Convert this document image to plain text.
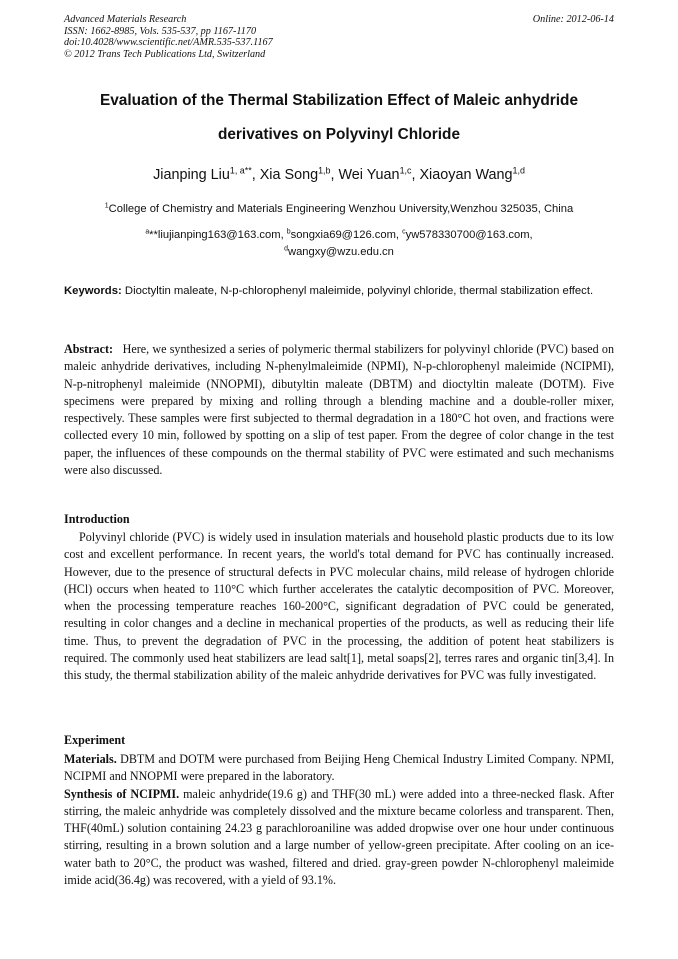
Advanced Materials Research
ISSN: 1662-8985, Vols. 535-537, pp 1167-1170
doi:10.4028/www.scientific.net/AMR.535-537.1167
© 2012 Trans Tech Publications Ltd, Switzerland
Online: 2012-06-14
Evaluation of the Thermal Stabilization Effect of Maleic anhydride
derivatives on Polyvinyl Chloride
Jianping Liu$^{1, a**}$, Xia Song$^{1,b}$, Wei Yuan$^{1,c}$, Xiaoyan Wang$^{1,d}$
$^1$College of Chemistry and Materials Engineering Wenzhou University,Wenzhou 325035, China
$^a$**liujianping163@163.com, $^b$songxia69@126.com, $^c$yw578330700@163.com,
$^d$wangxy@wzu.edu.cn
Keywords: Dioctyltin maleate, N-p-chlorophenyl maleimide, polyvinyl chloride, thermal stabilization effect.
Abstract:   Here, we synthesized a series of polymeric thermal stabilizers for polyvinyl chloride (PVC) based on maleic anhydride derivatives, including N-phenylmaleimide (NPMI), N-p-chlorophenyl maleimide (NCIPMI), N-p-nitrophenyl maleimide (NNOPMI), dibutyltin maleate (DBTM) and dioctyltin maleate (DOTM). Five specimens were prepared by mixing and rolling through a blending machine and a double-roller mixer, respectively. These samples were first subjected to thermal degradation in a 180°C hot oven, and fractions were collected every 10 min, followed by spotting on a slip of test paper. From the degree of color change in the test paper, the influences of these compounds on the thermal stability of PVC were estimated and such mechanisms were also discussed.
Introduction

Polyvinyl chloride (PVC) is widely used in insulation materials and household plastic products due to its low cost and excellent performance. In recent years, the world's total demand for PVC has continually increased. However, due to the presence of structural defects in PVC molecular chains, mild release of hydrogen chloride (HCl) occurs when heated to 110°C which further accelerates the catalytic decomposition of PVC. Moreover, when the processing temperature reaches 160-200°C, significant degradation of PVC could be generated, resulting in color changes and a decline in mechanical properties of the products, as well as reducing their life time. Thus, to prevent the degradation of PVC in the processing, the addition of potent heat stabilizers is required. The commonly used heat stabilizers are lead salt[1], metal soaps[2], terres rares and organic tin[3,4]. In this study, the thermal stabilization ability of the maleic anhydride derivatives for PVC was fully investigated.

Experiment

Materials. DBTM and DOTM were purchased from Beijing Heng Chemical Industry Limited Company. NPMI, NCIPMI and NNOPMI were prepared in the laboratory.

Synthesis of NCIPMI. maleic anhydride(19.6 g) and THF(30 mL) were added into a three-necked flask. After stirring, the maleic anhydride was completely dissolved and the mixture became colorless and transparent. Then, THF(40mL) solution containing 24.23 g parachloroaniline was added dropwise over one hour under continuous stirring, resulting in a brown solution and a large number of yellow-green precipitate. After cooling on an ice-water bath to 20°C, the product was washed, filtered and dried. gray-green powder N-chlorophenyl maleimide imide acid(36.4g) was recovered, with a yield of 93.1%.
